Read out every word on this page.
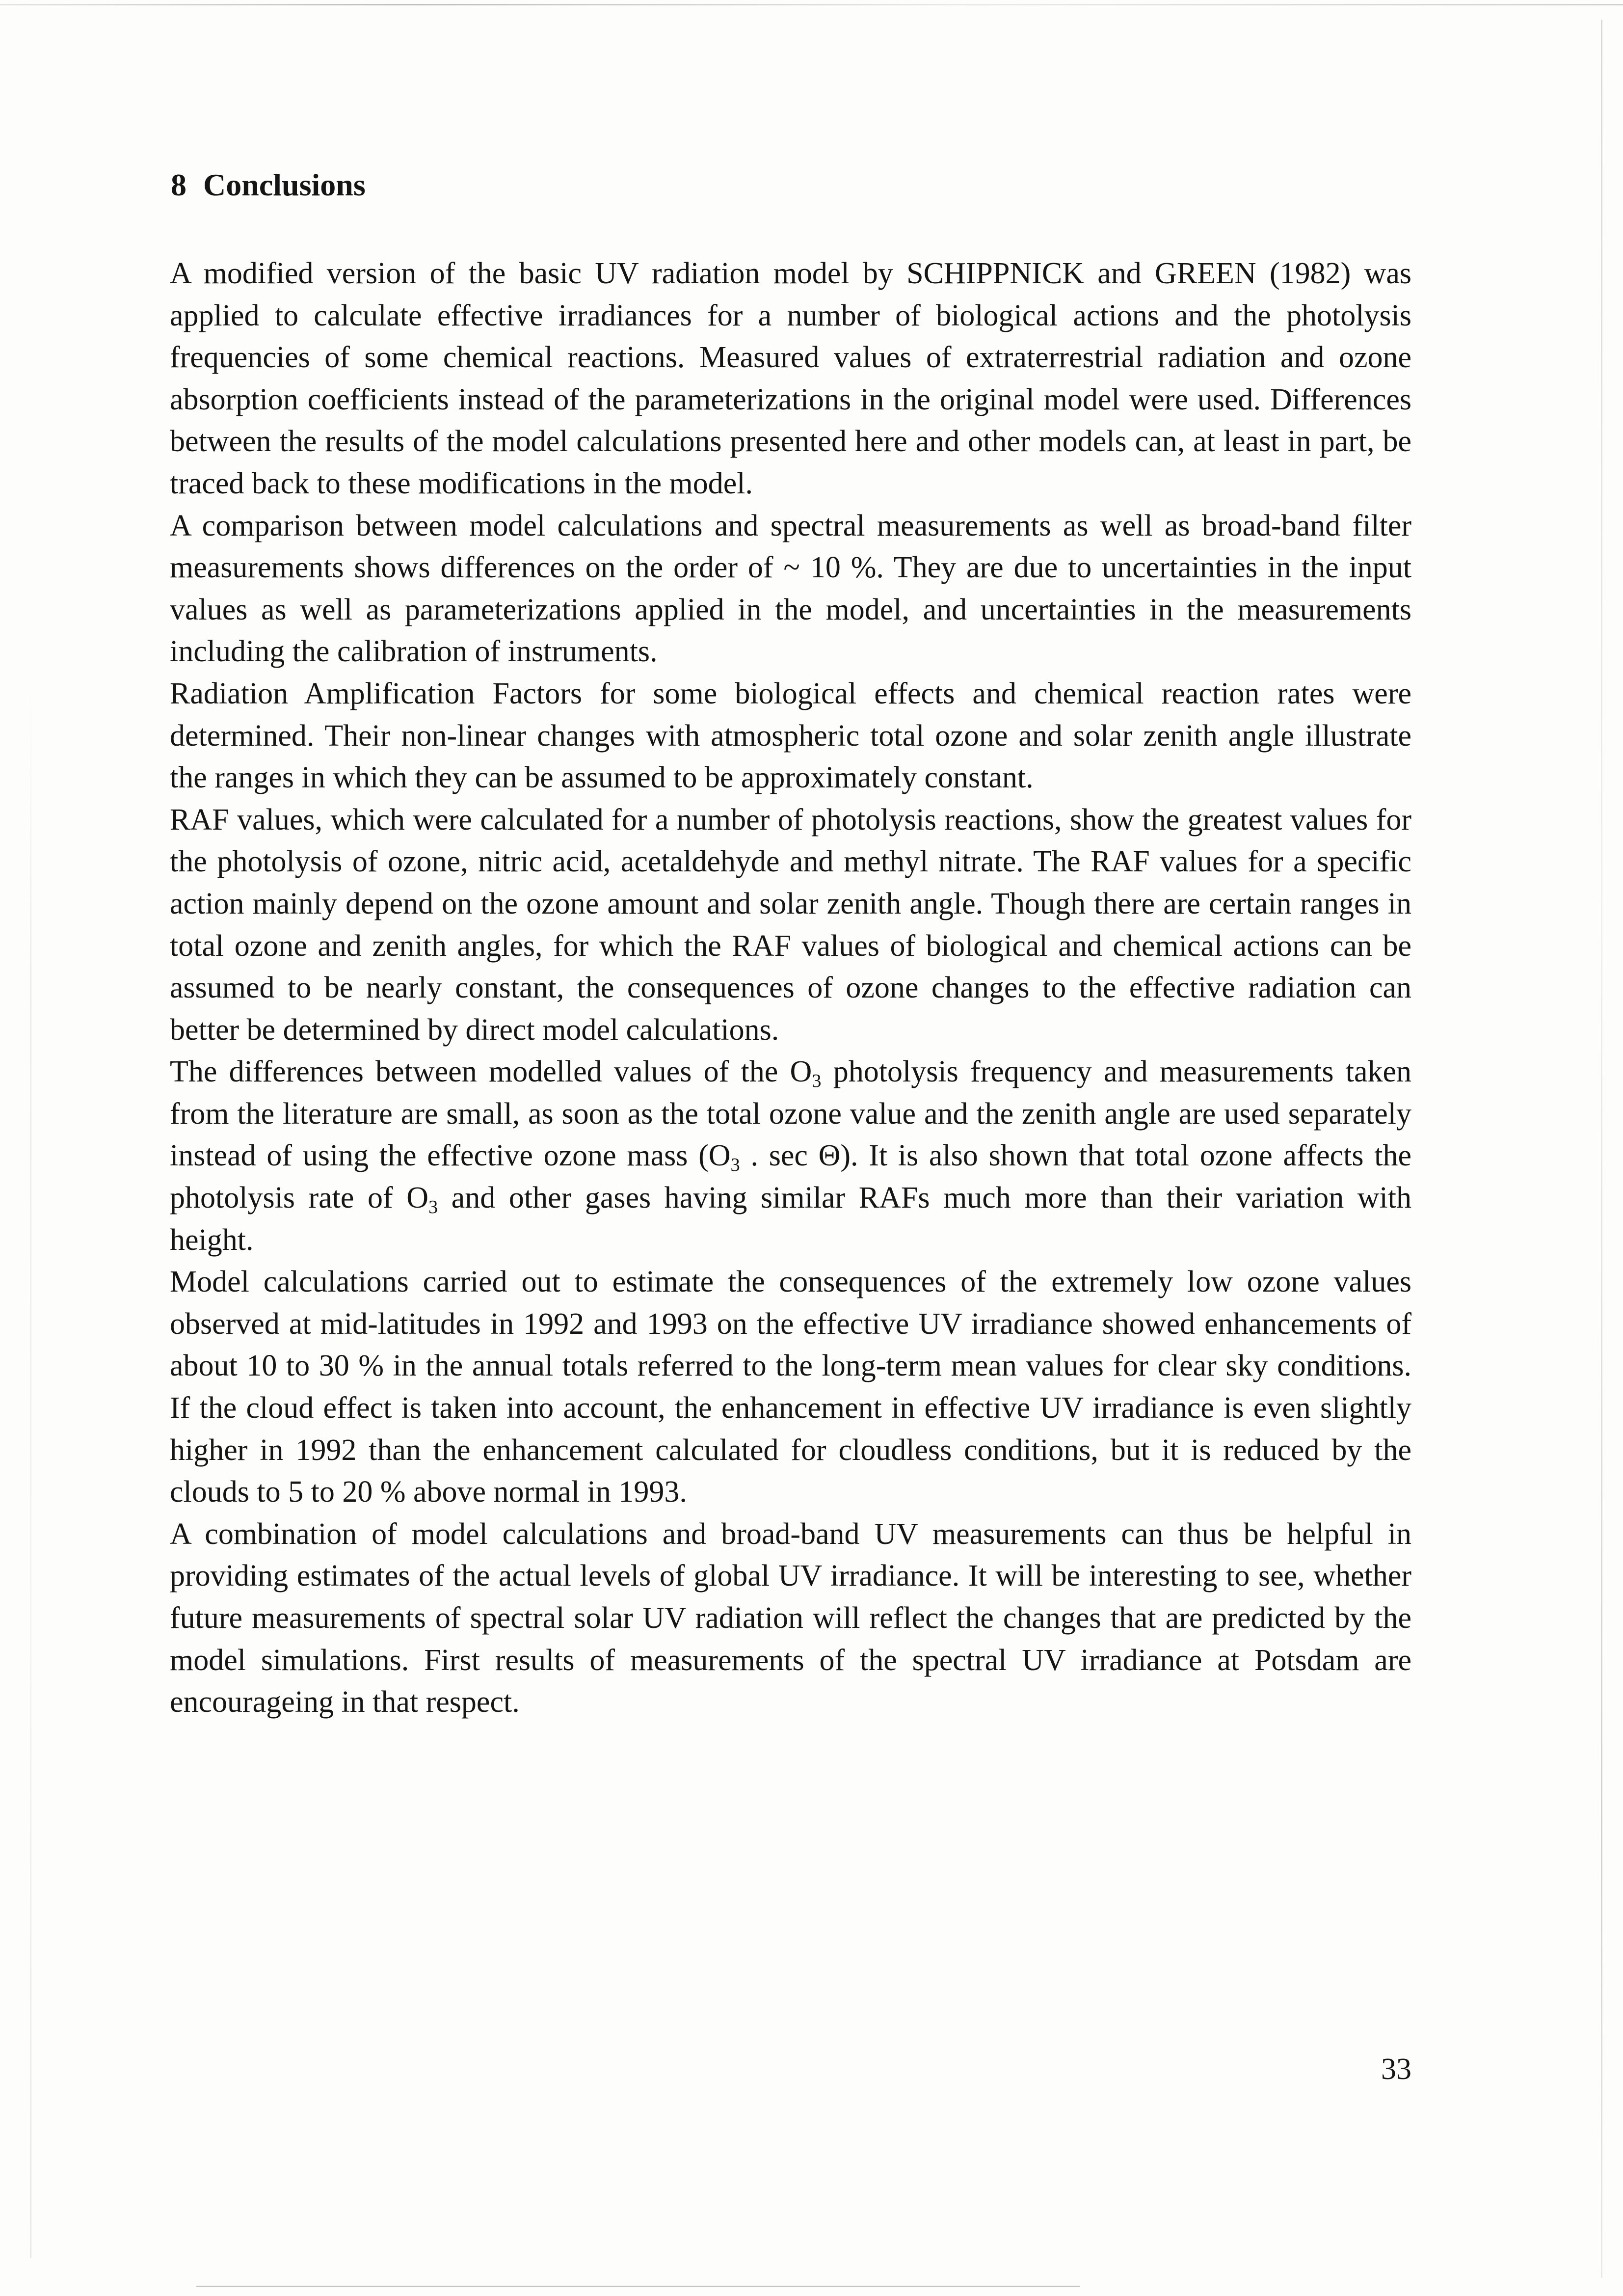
8 Conclusions

A modified version of the basic UV radiation model by SCHIPPNICK and GREEN (1982) was applied to calculate effective irradiances for a number of biological actions and the photolysis frequencies of some chemical reactions. Measured values of extraterrestrial radiation and ozone absorption coefficients instead of the parameterizations in the original model were used. Differences between the results of the model calculations presented here and other models can, at least in part, be traced back to these modifications in the model.

A comparison between model calculations and spectral measurements as well as broad-band filter measurements shows differences on the order of ~ 10 %. They are due to uncertainties in the input values as well as parameterizations applied in the model, and uncertainties in the measurements including the calibration of instruments.

Radiation Amplification Factors for some biological effects and chemical reaction rates were determined. Their non-linear changes with atmospheric total ozone and solar zenith angle illustrate the ranges in which they can be assumed to be approximately constant.

RAF values, which were calculated for a number of photolysis reactions, show the greatest values for the photolysis of ozone, nitric acid, acetaldehyde and methyl nitrate. The RAF values for a specific action mainly depend on the ozone amount and solar zenith angle. Though there are certain ranges in total ozone and zenith angles, for which the RAF values of biological and chemical actions can be assumed to be nearly constant, the consequences of ozone changes to the effective radiation can better be determined by direct model calculations.

The differences between modelled values of the $O_3$ photolysis frequency and measurements taken from the literature are small, as soon as the total ozone value and the zenith angle are used separately instead of using the effective ozone mass ($O_3$ . sec Θ). It is also shown that total ozone affects the photolysis rate of $O_3$ and other gases having similar RAFs much more than their variation with height.

Model calculations carried out to estimate the consequences of the extremely low ozone values observed at mid-latitudes in 1992 and 1993 on the effective UV irradiance showed enhancements of about 10 to 30 % in the annual totals referred to the long-term mean values for clear sky conditions. If the cloud effect is taken into account, the enhancement in effective UV irradiance is even slightly higher in 1992 than the enhancement calculated for cloudless conditions, but it is reduced by the clouds to 5 to 20 % above normal in 1993.

A combination of model calculations and broad-band UV measurements can thus be helpful in providing estimates of the actual levels of global UV irradiance. It will be interesting to see, whether future measurements of spectral solar UV radiation will reflect the changes that are predicted by the model simulations. First results of measurements of the spectral UV irradiance at Potsdam are encourageing in that respect.

33
